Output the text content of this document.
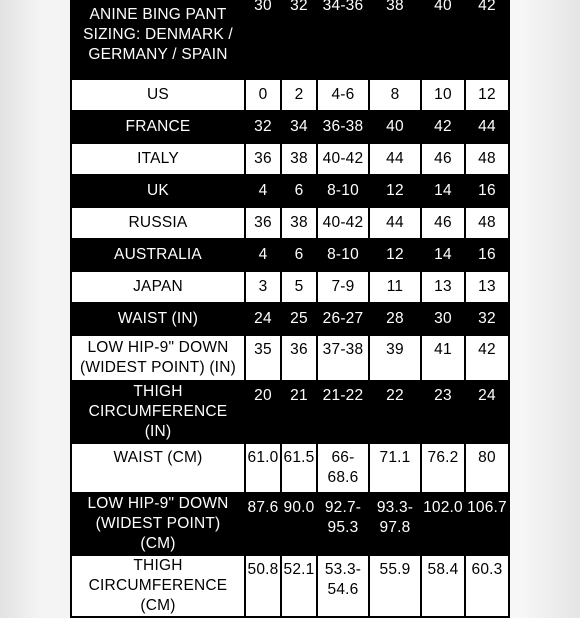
ANINE BING PANT SIZING: DENMARK / GERMANY / SPAIN	30	32	34-36	38	40	42
US	0	2	4-6	8	10	12
FRANCE	32	34	36-38	40	42	44
ITALY	36	38	40-42	44	46	48
UK	4	6	8-10	12	14	16
RUSSIA	36	38	40-42	44	46	48
AUSTRALIA	4	6	8-10	12	14	16
JAPAN	3	5	7-9	11	13	13
WAIST (IN)	24	25	26-27	28	30	32
LOW HIP-9" DOWN (WIDEST POINT) (IN)	35	36	37-38	39	41	42
THIGH CIRCUMFERENCE (IN)	20	21	21-22	22	23	24
WAIST (CM)	61.0	61.5	66-68.6	71.1	76.2	80
LOW HIP-9" DOWN (WIDEST POINT) (CM)	87.6	90.0	92.7-95.3	93.3-97.8	102.0	106.7
THIGH CIRCUMFERENCE (CM)	50.8	52.1	53.3-54.6	55.9	58.4	60.3
